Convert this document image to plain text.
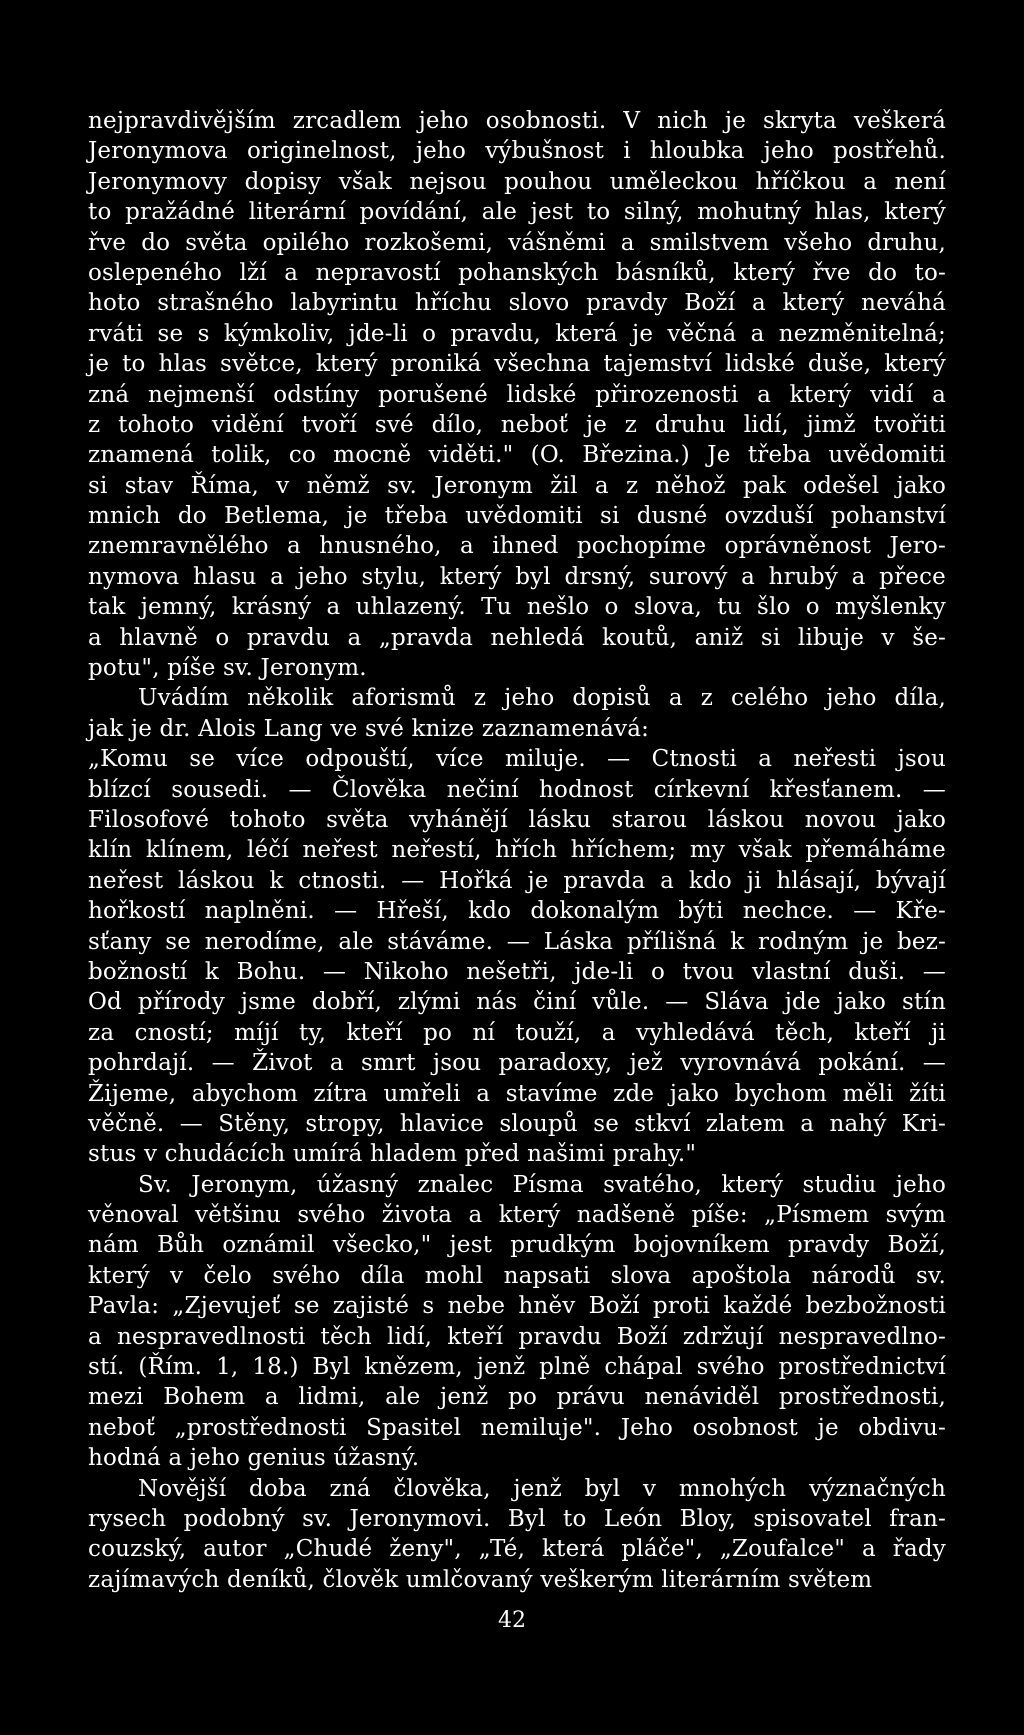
nejpravdivějším zrcadlem jeho osobnosti. V nich je skryta veškerá
Jeronymova originelnost, jeho výbušnost i hloubka jeho postřehů.
Jeronymovy dopisy však nejsou pouhou uměleckou hříčkou a není
to pražádné literární povídání, ale jest to silný, mohutný hlas, který
řve do světa opilého rozkošemi, vášněmi a smilstvem všeho druhu,
oslepeného lží a nepravostí pohanských básníků, který řve do to-
hoto strašného labyrintu hříchu slovo pravdy Boží a který neváhá
rváti se s kýmkoliv, jde-li o pravdu, která je věčná a nezměnitelná;
je to hlas světce, který proniká všechna tajemství lidské duše, který
zná nejmenší odstíny porušené lidské přirozenosti a který vidí a
z tohoto vidění tvoří své dílo, neboť je z druhu lidí, jimž tvořiti
znamená tolik, co mocně viděti." (O. Březina.) Je třeba uvědomiti
si stav Říma, v němž sv. Jeronym žil a z něhož pak odešel jako
mnich do Betlema, je třeba uvědomiti si dusné ovzduší pohanství
znemravnělého a hnusného, a ihned pochopíme oprávněnost Jero-
nymova hlasu a jeho stylu, který byl drsný, surový a hrubý a přece
tak jemný, krásný a uhlazený. Tu nešlo o slova, tu šlo o myšlenky
a hlavně o pravdu a „pravda nehledá koutů, aniž si libuje v še-
potu", píše sv. Jeronym.
Uvádím několik aforismů z jeho dopisů a z celého jeho díla,
jak je dr. Alois Lang ve své knize zaznamenává:
„Komu se více odpouští, více miluje. — Ctnosti a neřesti jsou
blízcí sousedi. — Člověka nečiní hodnost církevní křesťanem. —
Filosofové tohoto světa vyhánějí lásku starou láskou novou jako
klín klínem, léčí neřest neřestí, hřích hříchem; my však přemáháme
neřest láskou k ctnosti. — Hořká je pravda a kdo ji hlásají, bývají
hořkostí naplněni. — Hřeší, kdo dokonalým býti nechce. — Kře-
sťany se nerodíme, ale stáváme. — Láska přílišná k rodným je bez-
božností k Bohu. — Nikoho nešetři, jde-li o tvou vlastní duši. —
Od přírody jsme dobří, zlými nás činí vůle. — Sláva jde jako stín
za cností; míjí ty, kteří po ní touží, a vyhledává těch, kteří ji
pohrdají. — Život a smrt jsou paradoxy, jež vyrovnává pokání. —
Žijeme, abychom zítra umřeli a stavíme zde jako bychom měli žíti
věčně. — Stěny, stropy, hlavice sloupů se stkví zlatem a nahý Kri-
stus v chudácích umírá hladem před našimi prahy."
Sv. Jeronym, úžasný znalec Písma svatého, který studiu jeho
věnoval většinu svého života a který nadšeně píše: „Písmem svým
nám Bůh oznámil všecko," jest prudkým bojovníkem pravdy Boží,
který v čelo svého díla mohl napsati slova apoštola národů sv.
Pavla: „Zjevujeť se zajisté s nebe hněv Boží proti každé bezbožnosti
a nespravedlnosti těch lidí, kteří pravdu Boží zdržují nespravedlno-
stí. (Řím. 1, 18.) Byl knězem, jenž plně chápal svého prostřednictví
mezi Bohem a lidmi, ale jenž po právu nenáviděl prostřednosti,
neboť „prostřednosti Spasitel nemiluje". Jeho osobnost je obdivu-
hodná a jeho genius úžasný.
Novější doba zná člověka, jenž byl v mnohých význačných
rysech podobný sv. Jeronymovi. Byl to León Bloy, spisovatel fran-
couzský, autor „Chudé ženy", „Té, která pláče", „Zoufalce" a řady
zajímavých deníků, člověk umlčovaný veškerým literárním světem
42
